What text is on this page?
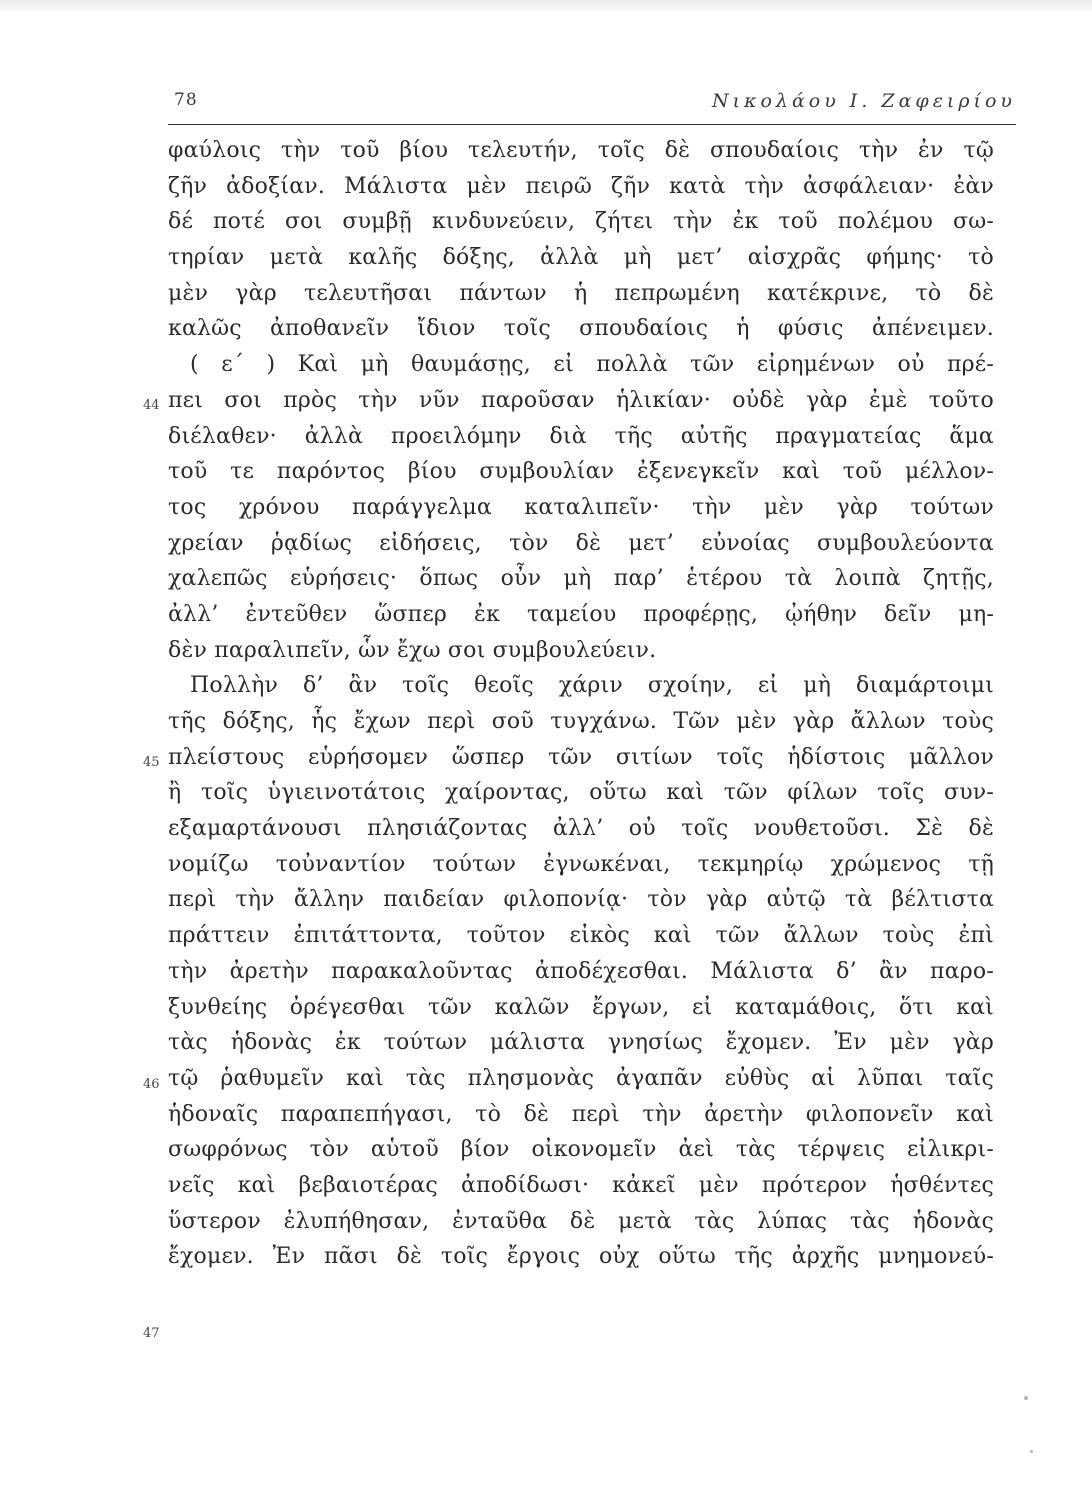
78	Νικολάου Ι. Ζαφειρίου
44
45
46
47
φαύλοις τὴν τοῦ βίου τελευτήν, τοῖς δὲ σπουδαίοις τὴν ἐν τῷ
ζῆν ἀδοξίαν. Μάλιστα μὲν πειρῶ ζῆν κατὰ τὴν ἀσφάλειαν· ἐὰν
δέ ποτέ σοι συμβῇ κινδυνεύειν, ζήτει τὴν ἐκ τοῦ πολέμου σω-
τηρίαν μετὰ καλῆς δόξης, ἀλλὰ μὴ μετ’ αἰσχρᾶς φήμης· τὸ
μὲν γὰρ τελευτῆσαι πάντων ἡ πεπρωμένη κατέκρινε, τὸ δὲ
καλῶς ἀποθανεῖν ἴδιον τοῖς σπουδαίοις ἡ φύσις ἀπένειμεν.
( ε΄ ) Καὶ μὴ θαυμάσῃς, εἰ πολλὰ τῶν εἰρημένων οὐ πρέ-
πει σοι πρὸς τὴν νῦν παροῦσαν ἡλικίαν· οὐδὲ γὰρ ἐμὲ τοῦτο
διέλαθεν· ἀλλὰ προειλόμην διὰ τῆς αὐτῆς πραγματείας ἅμα
τοῦ τε παρόντος βίου συμβουλίαν ἐξενεγκεῖν καὶ τοῦ μέλλον-
τος χρόνου παράγγελμα καταλιπεῖν· τὴν μὲν γὰρ τούτων
χρείαν ῥᾳδίως εἰδήσεις, τὸν δὲ μετ’ εὐνοίας συμβουλεύοντα
χαλεπῶς εὑρήσεις· ὅπως οὖν μὴ παρ’ ἑτέρου τὰ λοιπὰ ζητῇς,
ἀλλ’ ἐντεῦθεν ὥσπερ ἐκ ταμείου προφέρῃς, ᾠήθην δεῖν μη-
δὲν παραλιπεῖν, ὧν ἔχω σοι συμβουλεύειν.
Πολλὴν δ’ ἂν τοῖς θεοῖς χάριν σχοίην, εἰ μὴ διαμάρτοιμι
τῆς δόξης, ἧς ἔχων περὶ σοῦ τυγχάνω. Τῶν μὲν γὰρ ἄλλων τοὺς
πλείστους εὑρήσομεν ὥσπερ τῶν σιτίων τοῖς ἡδίστοις μᾶλλον
ἢ τοῖς ὑγιεινοτάτοις χαίροντας, οὕτω καὶ τῶν φίλων τοῖς συν-
εξαμαρτάνουσι πλησιάζοντας ἀλλ’ οὐ τοῖς νουθετοῦσι. Σὲ δὲ
νομίζω τοὐναντίον τούτων ἐγνωκέναι, τεκμηρίῳ χρώμενος τῇ
περὶ τὴν ἄλλην παιδείαν φιλοπονίᾳ· τὸν γὰρ αὐτῷ τὰ βέλτιστα
πράττειν ἐπιτάττοντα, τοῦτον εἰκὸς καὶ τῶν ἄλλων τοὺς ἐπὶ
τὴν ἀρετὴν παρακαλοῦντας ἀποδέχεσθαι. Μάλιστα δ’ ἂν παρο-
ξυνθείης ὀρέγεσθαι τῶν καλῶν ἔργων, εἰ καταμάθοις, ὅτι καὶ
τὰς ἡδονὰς ἐκ τούτων μάλιστα γνησίως ἔχομεν. Ἐν μὲν γὰρ
τῷ ῥαθυμεῖν καὶ τὰς πλησμονὰς ἀγαπᾶν εὐθὺς αἱ λῦπαι ταῖς
ἡδοναῖς παραπεπήγασι, τὸ δὲ περὶ τὴν ἀρετὴν φιλοπονεῖν καὶ
σωφρόνως τὸν αὑτοῦ βίον οἰκονομεῖν ἀεὶ τὰς τέρψεις εἰλικρι-
νεῖς καὶ βεβαιοτέρας ἀποδίδωσι· κἀκεῖ μὲν πρότερον ἡσθέντες
ὕστερον ἐλυπήθησαν, ἐνταῦθα δὲ μετὰ τὰς λύπας τὰς ἡδονὰς
ἔχομεν. Ἐν πᾶσι δὲ τοῖς ἔργοις οὐχ οὕτω τῆς ἀρχῆς μνημονεύ-
